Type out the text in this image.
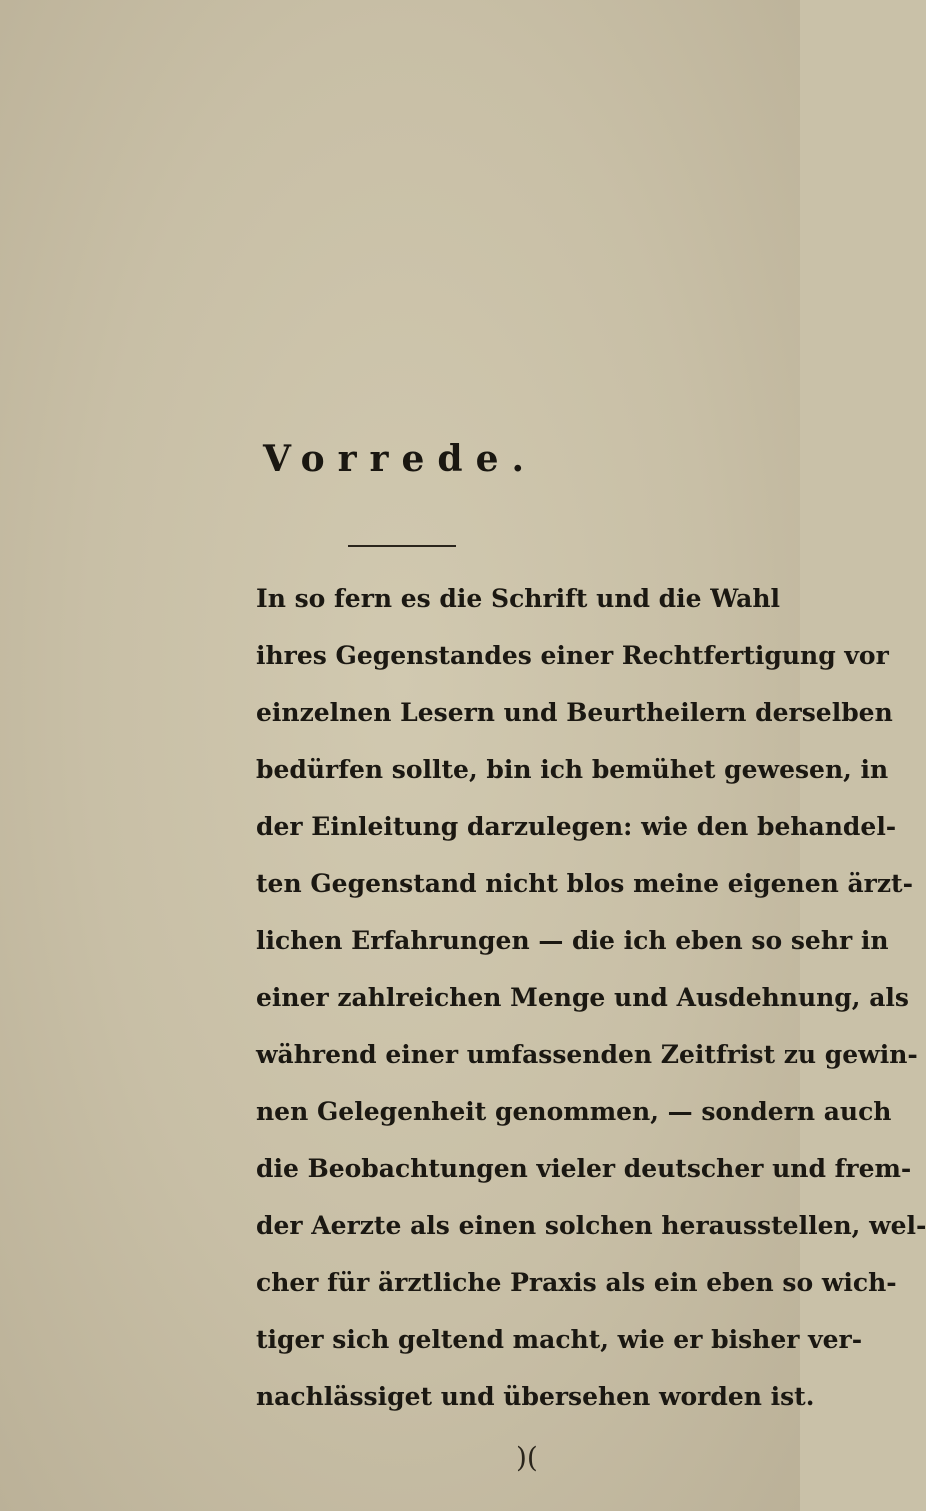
Vorrede.
In so fern es die Schrift und die Wahl
ihres Gegenstandes einer Rechtfertigung vor
einzelnen Lesern und Beurtheilern derselben
bedürfen sollte, bin ich bemühet gewesen, in
der Einleitung darzulegen: wie den behandel-
ten Gegenstand nicht blos meine eigenen ärzt-
lichen Erfahrungen — die ich eben so sehr in
einer zahlreichen Menge und Ausdehnung, als
während einer umfassenden Zeitfrist zu gewin-
nen Gelegenheit genommen, — sondern auch
die Beobachtungen vieler deutscher und frem-
der Aerzte als einen solchen herausstellen, wel-
cher für ärztliche Praxis als ein eben so wich-
tiger sich geltend macht, wie er bisher ver-
nachlässiget und übersehen worden ist.
)(
